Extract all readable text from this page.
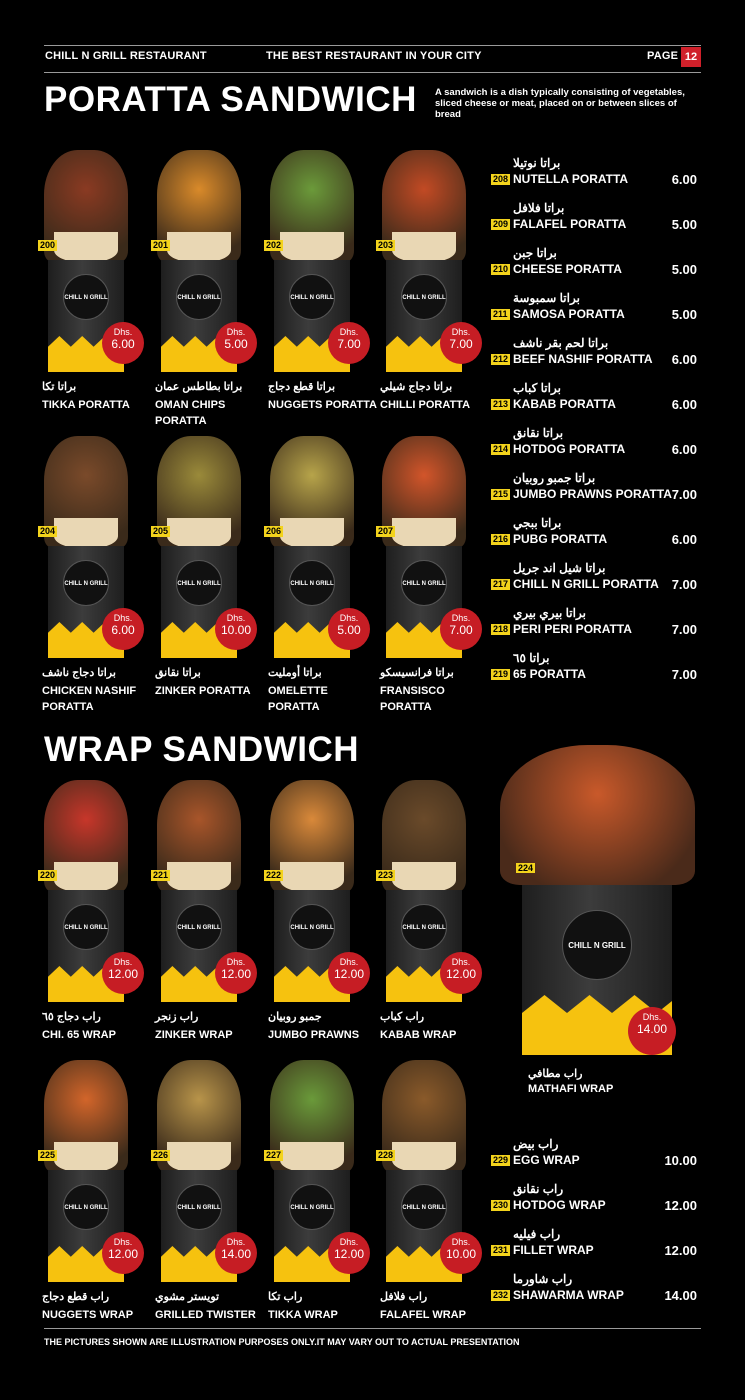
CHILL N GRILL RESTAURANT	THE BEST RESTAURANT IN YOUR CITY	PAGE 12
PORATTA SANDWICH A sandwich is a dish typically consisting of vegetables, sliced cheese or meat, placed on or between slices of bread
200
CHILL N GRILL
Dhs.
6.00
براتا تكا
TIKKA PORATTA
201
CHILL N GRILL
Dhs.
5.00
براتا بطاطس عمان
OMAN CHIPS PORATTA
202
CHILL N GRILL
Dhs.
7.00
براتا قطع دجاج
NUGGETS PORATTA
203
CHILL N GRILL
Dhs.
7.00
براتا دجاج شيلي
CHILLI PORATTA
204
CHILL N GRILL
Dhs.
6.00
براتا دجاج ناشف
CHICKEN NASHIF PORATTA
205
CHILL N GRILL
Dhs.
10.00
براتا نقانق
ZINKER PORATTA
206
CHILL N GRILL
Dhs.
5.00
براتا أومليت
OMELETTE PORATTA
207
CHILL N GRILL
Dhs.
7.00
براتا فرانسيسكو
FRANSISCO PORATTA
براتا نوتيلا
208 NUTELLA PORATTA	6.00
براتا فلافل
209 FALAFEL PORATTA	5.00
براتا جبن
210 CHEESE PORATTA	5.00
براتا سمبوسة
211 SAMOSA PORATTA	5.00
براتا لحم بقر ناشف
212 BEEF NASHIF PORATTA 6.00
براتا كباب
213 KABAB PORATTA	6.00
براتا نقانق
214 HOTDOG PORATTA	6.00
براتا جمبو روبيان
215 JUMBO PRAWNS PORATTA 7.00
براتا ببجي
216 PUBG PORATTA	6.00
براتا شيل اند جريل
217 CHILL N GRILL PORATTA 7.00
براتا بيري بيري
218 PERI PERI PORATTA	7.00
براتا ٦٥
219 65 PORATTA	7.00
WRAP SANDWICH
220
CHILL N GRILL
Dhs.
12.00
راب دجاج ٦٥
CHI. 65 WRAP
221
CHILL N GRILL
Dhs.
12.00
راب زنجر
ZINKER WRAP
222
CHILL N GRILL
Dhs.
12.00
جمبو روبيان
JUMBO PRAWNS
223
CHILL N GRILL
Dhs.
12.00
راب كباب
KABAB WRAP
225
CHILL N GRILL
Dhs.
12.00
راب قطع دجاج
NUGGETS WRAP
226
CHILL N GRILL
Dhs.
14.00
تويستر مشوي
GRILLED TWISTER
227
CHILL N GRILL
Dhs.
12.00
راب تكا
TIKKA WRAP
228
CHILL N GRILL
Dhs.
10.00
راب فلافل
FALAFEL WRAP
224
CHILL N GRILL
Dhs.
14.00
راب مطافي
MATHAFI WRAP
راب بيض
229 EGG WRAP	10.00
راب نقانق
230 HOTDOG WRAP	12.00
راب فيليه
231 FILLET WRAP	12.00
راب شاورما
232 SHAWARMA WRAP	14.00
THE PICTURES SHOWN ARE ILLUSTRATION PURPOSES ONLY.IT MAY VARY OUT TO ACTUAL PRESENTATION
